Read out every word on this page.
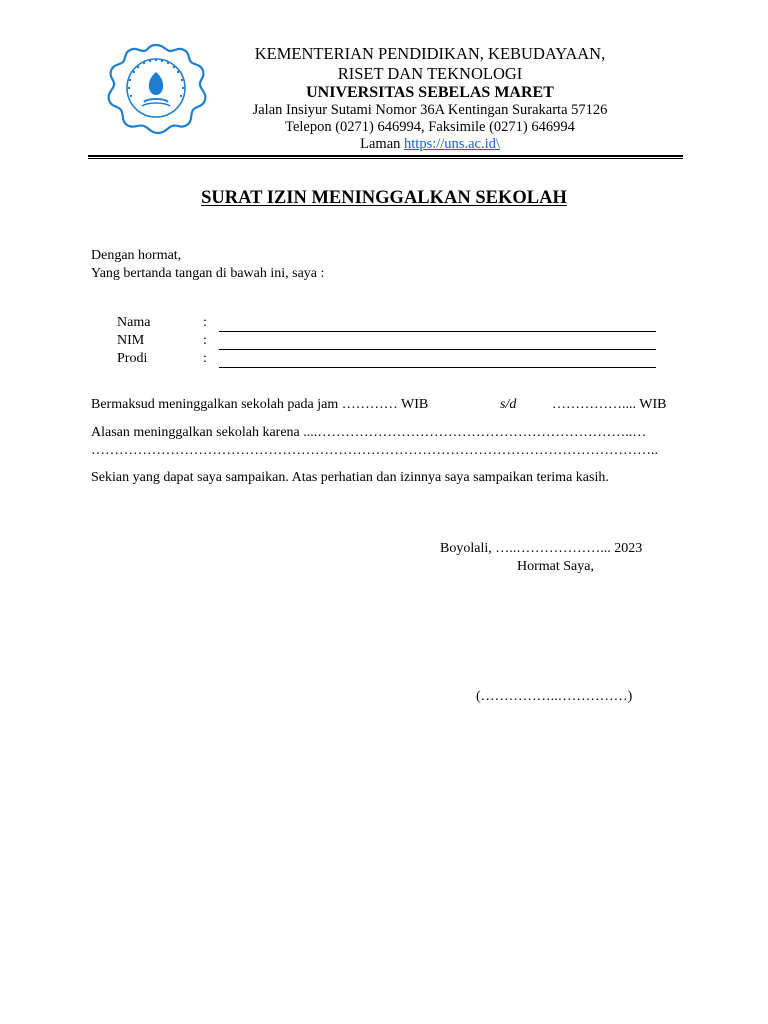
KEMENTERIAN PENDIDIKAN, KEBUDAYAAN,
RISET DAN TEKNOLOGI
UNIVERSITAS SEBELAS MARET
Jalan Insiyur Sutami Nomor 36A Kentingan Surakarta 57126
Telepon (0271) 646994, Faksimile (0271) 646994
Laman https://uns.ac.id\
SURAT IZIN MENINGGALKAN SEKOLAH
Dengan hormat,
Yang bertanda tangan di bawah ini, saya :
Nama	:
NIM	:
Prodi	:
Bermaksud meninggalkan sekolah pada jam ………… WIB	s/d	…………….... WIB
Alasan meninggalkan sekolah karena ....…………………………………………………………..…
…………………………………………………………………………………………………………..
Sekian yang dapat saya sampaikan. Atas perhatian dan izinnya saya sampaikan terima kasih.
Boyolali, …..………………... 2023
Hormat Saya,
(……………..……………)
